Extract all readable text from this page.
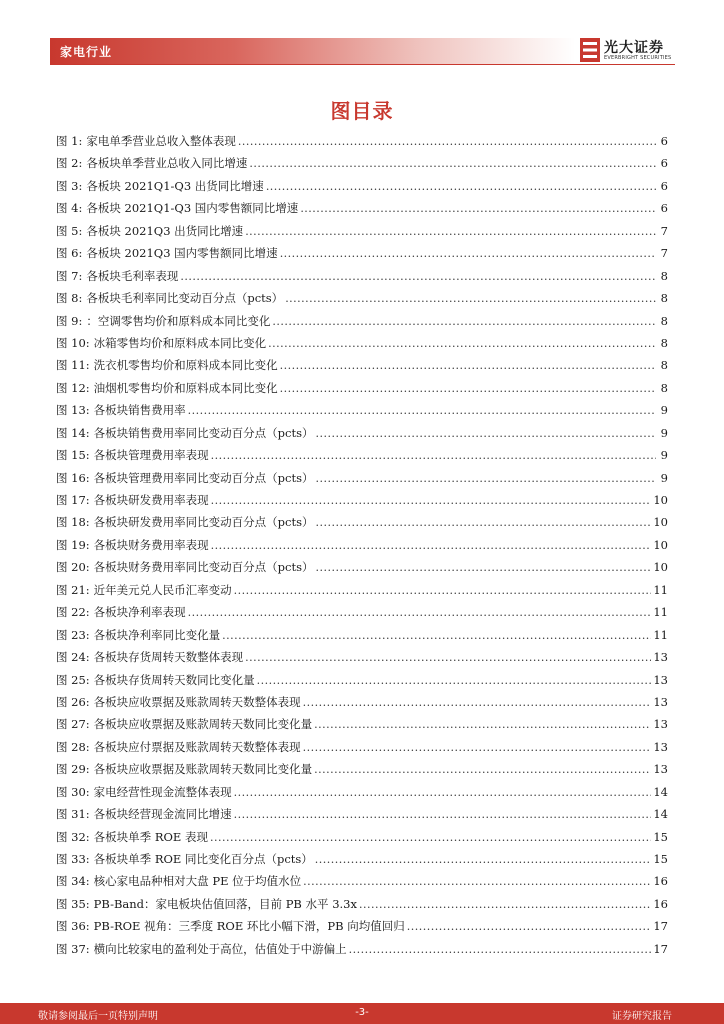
家电行业	光大证券
EVERBRIGHT SECURITIES
图目录
图 1: 家电单季营业总收入整体表现 .....	6
图 2: 各板块单季营业总收入同比增速 .....	6
图 3: 各板块 2021Q1-Q3 出货同比增速 .....	6
图 4: 各板块 2021Q1-Q3 国内零售额同比增速 .....	6
图 5: 各板块 2021Q3 出货同比增速 .....	7
图 6: 各板块 2021Q3 国内零售额同比增速 .....	7
图 7: 各板块毛利率表现 .....	8
图 8: 各板块毛利率同比变动百分点（pcts） .....	8
图 9: ：空调零售均价和原料成本同比变化 .....	8
图 10: 冰箱零售均价和原料成本同比变化 .....	8
图 11: 洗衣机零售均价和原料成本同比变化 .....	8
图 12: 油烟机零售均价和原料成本同比变化 .....	8
图 13: 各板块销售费用率 .....	9
图 14: 各板块销售费用率同比变动百分点（pcts） .....	9
图 15: 各板块管理费用率表现 .....	9
图 16: 各板块管理费用率同比变动百分点（pcts） .....	9
图 17: 各板块研发费用率表现 .....	10
图 18: 各板块研发费用率同比变动百分点（pcts） .....	10
图 19: 各板块财务费用率表现 .....	10
图 20: 各板块财务费用率同比变动百分点（pcts） .....	10
图 21: 近年美元兑人民币汇率变动 .....	11
图 22: 各板块净利率表现 .....	11
图 23: 各板块净利率同比变化量 .....	11
图 24: 各板块存货周转天数整体表现 .....	13
图 25: 各板块存货周转天数同比变化量 .....	13
图 26: 各板块应收票据及账款周转天数整体表现 .....	13
图 27: 各板块应收票据及账款周转天数同比变化量 .....	13
图 28: 各板块应付票据及账款周转天数整体表现 .....	13
图 29: 各板块应收票据及账款周转天数同比变化量 .....	13
图 30: 家电经营性现金流整体表现 .....	14
图 31: 各板块经营现金流同比增速 .....	14
图 32: 各板块单季 ROE 表现 .....	15
图 33: 各板块单季 ROE 同比变化百分点（pcts） .....	15
图 34: 核心家电品种相对大盘 PE 位于均值水位 .....	16
图 35: PB-Band：家电板块估值回落，目前 PB 水平 3.3x .....	16
图 36: PB-ROE 视角：三季度 ROE 环比小幅下滑，PB 向均值回归 .....	17
图 37: 横向比较家电的盈利处于高位，估值处于中游偏上 .....	17
敬请参阅最后一页特别声明	-3-	证券研究报告
